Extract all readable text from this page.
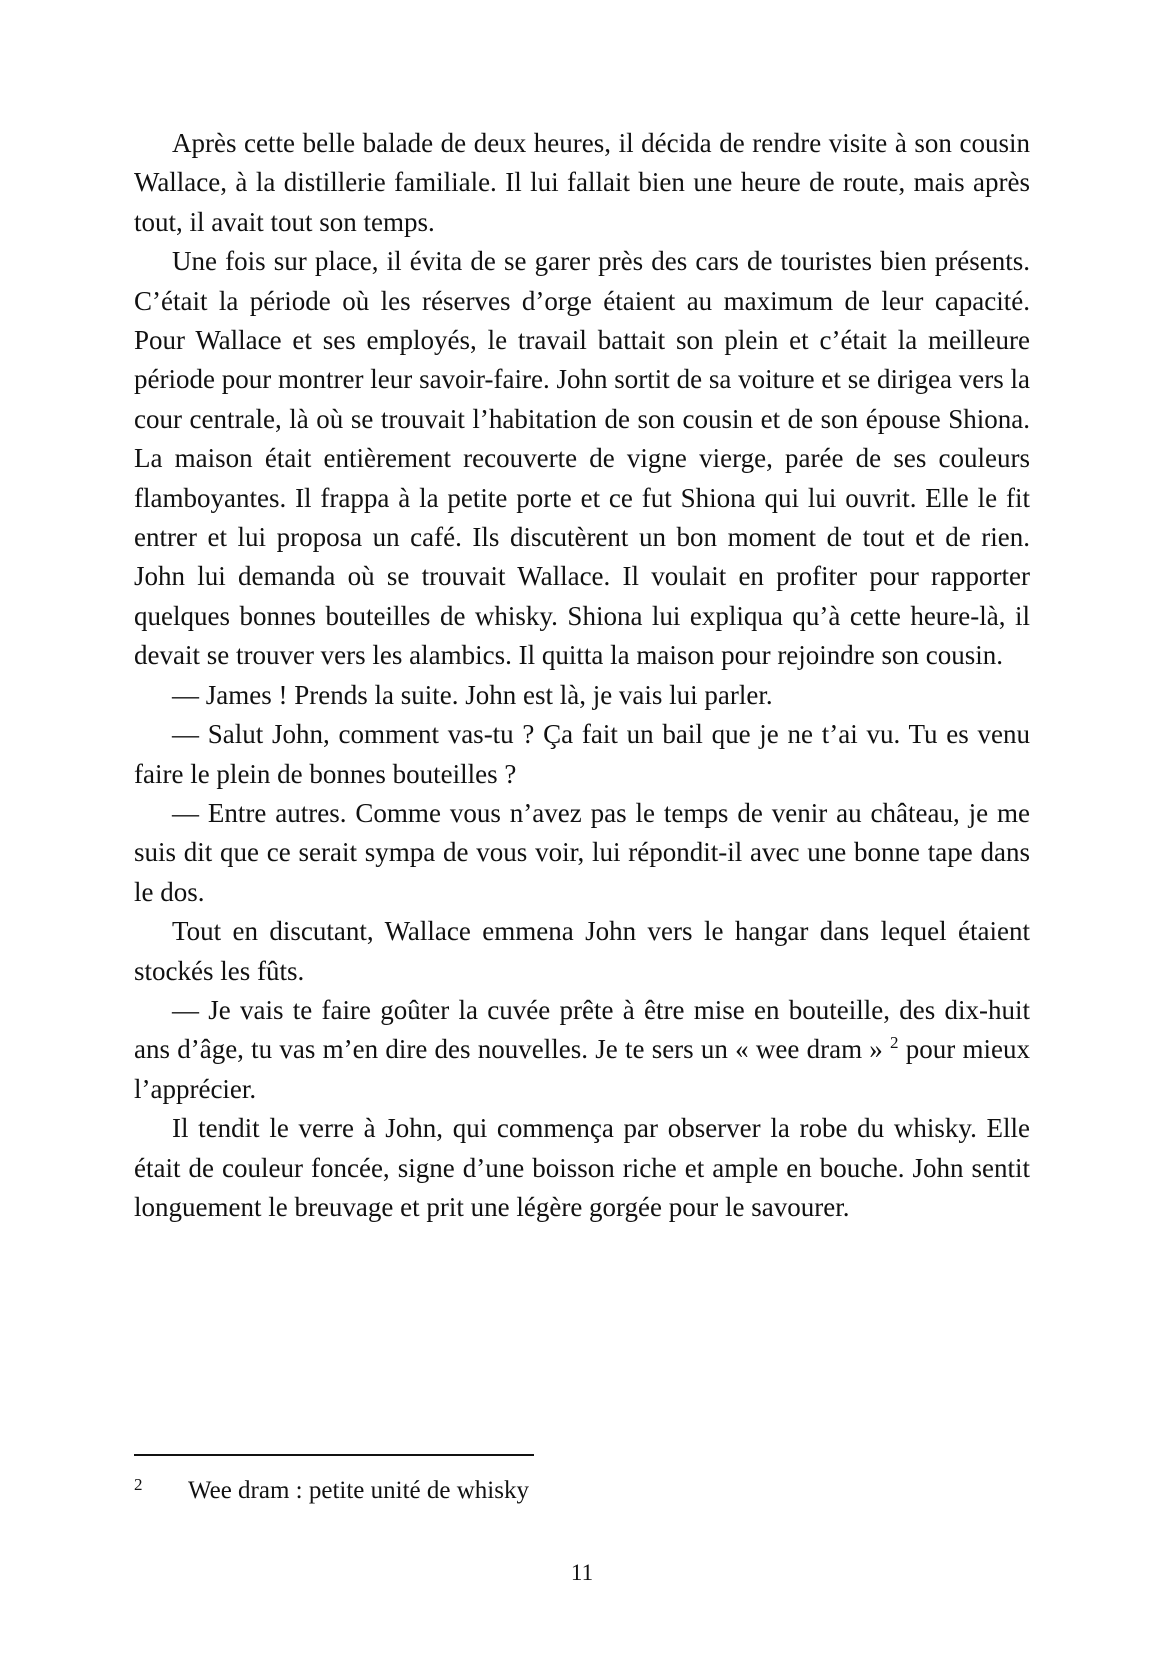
Après cette belle balade de deux heures, il décida de rendre visite à son cousin Wallace, à la distillerie familiale. Il lui fallait bien une heure de route, mais après tout, il avait tout son temps.

Une fois sur place, il évita de se garer près des cars de touristes bien présents. C’était la période où les réserves d’orge étaient au maximum de leur capacité. Pour Wallace et ses employés, le travail battait son plein et c’était la meilleure période pour montrer leur savoir-faire. John sortit de sa voiture et se dirigea vers la cour centrale, là où se trouvait l’habitation de son cousin et de son épouse Shiona. La maison était entièrement recouverte de vigne vierge, parée de ses couleurs flamboyantes. Il frappa à la petite porte et ce fut Shiona qui lui ouvrit. Elle le fit entrer et lui proposa un café. Ils discutèrent un bon moment de tout et de rien. John lui demanda où se trouvait Wallace. Il voulait en profiter pour rapporter quelques bonnes bouteilles de whisky. Shiona lui expliqua qu’à cette heure-là, il devait se trouver vers les alambics. Il quitta la maison pour rejoindre son cousin.

— James ! Prends la suite. John est là, je vais lui parler.

— Salut John, comment vas-tu ? Ça fait un bail que je ne t’ai vu. Tu es venu faire le plein de bonnes bouteilles ?

— Entre autres. Comme vous n’avez pas le temps de venir au château, je me suis dit que ce serait sympa de vous voir, lui répondit-il avec une bonne tape dans le dos.

Tout en discutant, Wallace emmena John vers le hangar dans lequel étaient stockés les fûts.

— Je vais te faire goûter la cuvée prête à être mise en bouteille, des dix-huit ans d’âge, tu vas m’en dire des nouvelles. Je te sers un « wee dram » $^2$ pour mieux l’apprécier.

Il tendit le verre à John, qui commença par observer la robe du whisky. Elle était de couleur foncée, signe d’une boisson riche et ample en bouche. John sentit longuement le breuvage et prit une légère gorgée pour le savourer.

2 Wee dram : petite unité de whisky
11
